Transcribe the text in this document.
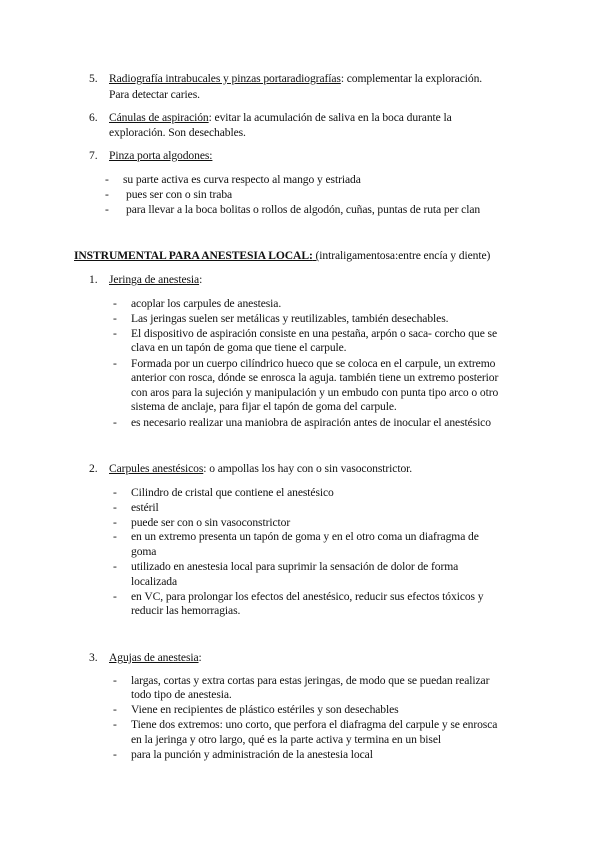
5. Radiografía intrabucales y pinzas portaradiografías: complementar la exploración.
Para detectar caries.
6. Cánulas de aspiración: evitar la acumulación de saliva en la boca durante la
exploración. Son desechables.
7. Pinza porta algodones:
- su parte activa es curva respecto al mango y estriada
- pues ser con o sin traba
- para llevar a la boca bolitas o rollos de algodón, cuñas, puntas de ruta per clan
INSTRUMENTAL PARA ANESTESIA LOCAL: (intraligamentosa:entre encía y diente)
1. Jeringa de anestesia:
- acoplar los carpules de anestesia.
- Las jeringas suelen ser metálicas y reutilizables, también desechables.
- El dispositivo de aspiración consiste en una pestaña, arpón o saca- corcho que se
clava en un tapón de goma que tiene el carpule.
- Formada por un cuerpo cilíndrico hueco que se coloca en el carpule, un extremo
anterior con rosca, dónde se enrosca la aguja. también tiene un extremo posterior
con aros para la sujeción y manipulación y un embudo con punta tipo arco o otro
sistema de anclaje, para fijar el tapón de goma del carpule.
- es necesario realizar una maniobra de aspiración antes de inocular el anestésico
2. Carpules anestésicos: o ampollas los hay con o sin vasoconstrictor.
- Cilindro de cristal que contiene el anestésico
- estéril
- puede ser con o sin vasoconstrictor
- en un extremo presenta un tapón de goma y en el otro coma un diafragma de
goma
- utilizado en anestesia local para suprimir la sensación de dolor de forma
localizada
- en VC, para prolongar los efectos del anestésico, reducir sus efectos tóxicos y
reducir las hemorragias.
3. Agujas de anestesia:
- largas, cortas y extra cortas para estas jeringas, de modo que se puedan realizar
todo tipo de anestesia.
- Viene en recipientes de plástico estériles y son desechables
- Tiene dos extremos: uno corto, que perfora el diafragma del carpule y se enrosca
en la jeringa y otro largo, qué es la parte activa y termina en un bisel
- para la punción y administración de la anestesia local
